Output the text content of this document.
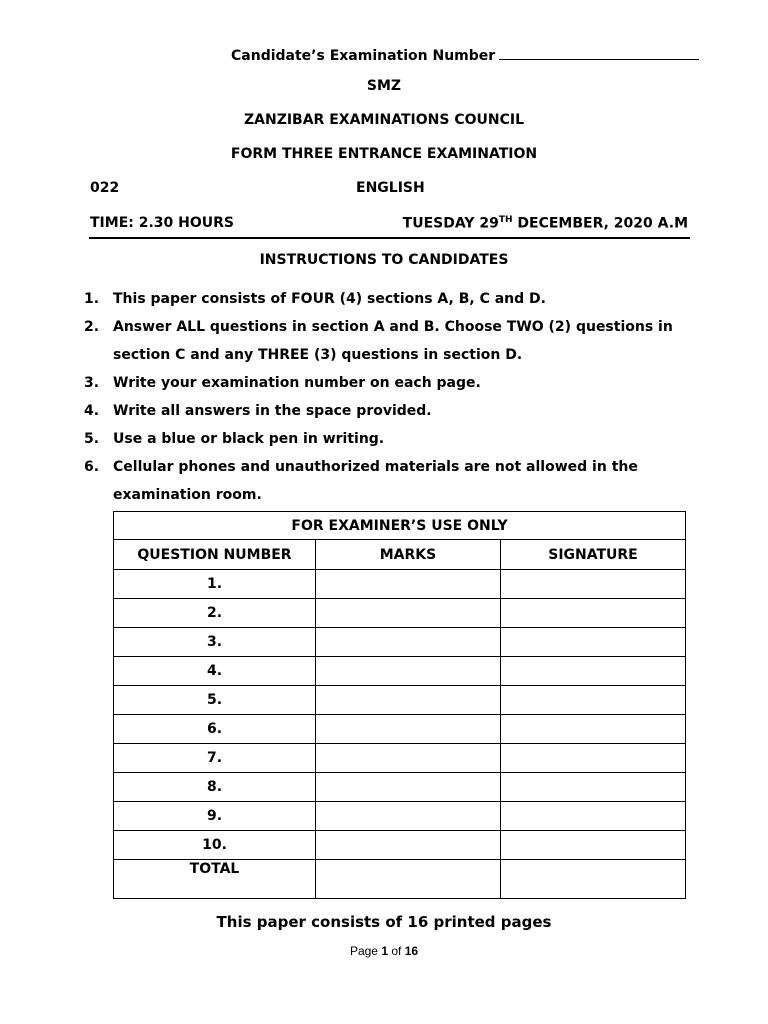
Candidate’s Examination Number
SMZ
ZANZIBAR EXAMINATIONS COUNCIL
FORM THREE ENTRANCE EXAMINATION
022	ENGLISH
TIME: 2.30 HOURS	TUESDAY 29TH DECEMBER, 2020 A.M
INSTRUCTIONS TO CANDIDATES
1. This paper consists of FOUR (4) sections A, B, C and D.
2. Answer ALL questions in section A and B. Choose TWO (2) questions in section C and any THREE (3) questions in section D.
3. Write your examination number on each page.
4. Write all answers in the space provided.
5. Use a blue or black pen in writing.
6. Cellular phones and unauthorized materials are not allowed in the examination room.
FOR EXAMINER’S USE ONLY		
QUESTION NUMBER	MARKS	SIGNATURE
1.		
2.		
3.		
4.		
5.		
6.		
7.		
8.		
9.		
10.		
TOTAL		
This paper consists of 16 printed pages
Page 1 of 16
